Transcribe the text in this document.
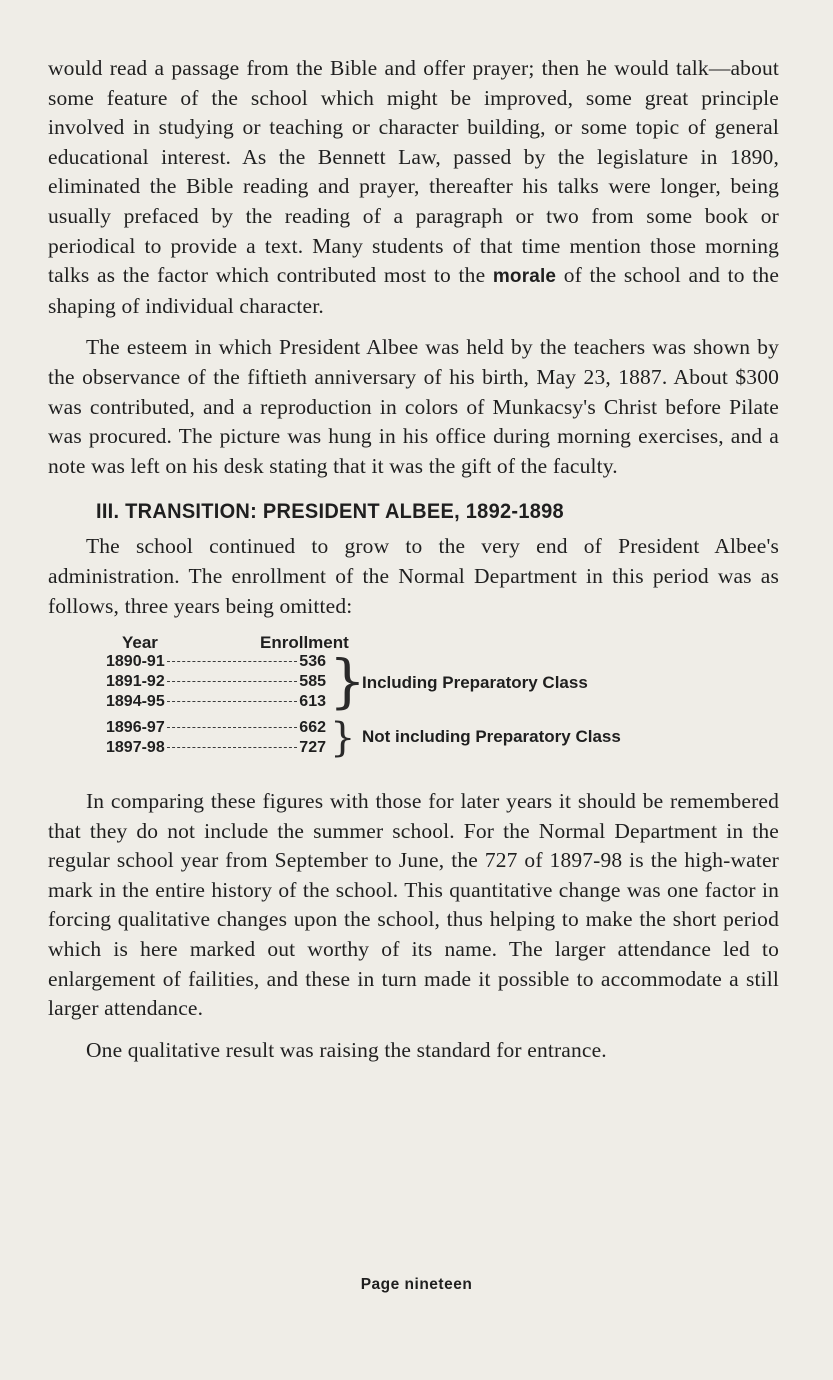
would read a passage from the Bible and offer prayer; then he would talk—about some feature of the school which might be improved, some great principle involved in studying or teaching or character building, or some topic of general educational interest. As the Bennett Law, passed by the legislature in 1890, eliminated the Bible reading and prayer, thereafter his talks were longer, being usually prefaced by the reading of a paragraph or two from some book or periodical to provide a text. Many students of that time mention those morning talks as the factor which contributed most to the morale of the school and to the shaping of individual character.

The esteem in which President Albee was held by the teachers was shown by the observance of the fiftieth anniversary of his birth, May 23, 1887. About $300 was contributed, and a reproduction in colors of Munkacsy's Christ before Pilate was procured. The picture was hung in his office during morning exercises, and a note was left on his desk stating that it was the gift of the faculty.

III. TRANSITION: PRESIDENT ALBEE, 1892-1898

The school continued to grow to the very end of President Albee's administration. The enrollment of the Normal Department in this period was as follows, three years being omitted:

Year	Enrollment
1890-91	536
1891-92	585
1894-95	613
1896-97	662
1897-98	727
}
Including Preparatory Class
} Not including Preparatory Class

In comparing these figures with those for later years it should be remembered that they do not include the summer school. For the Normal Department in the regular school year from September to June, the 727 of 1897-98 is the high-water mark in the entire history of the school. This quantitative change was one factor in forcing qualitative changes upon the school, thus helping to make the short period which is here marked out worthy of its name. The larger attendance led to enlargement of failities, and these in turn made it possible to accommodate a still larger attendance.

One qualitative result was raising the standard for entrance.

Page nineteen
